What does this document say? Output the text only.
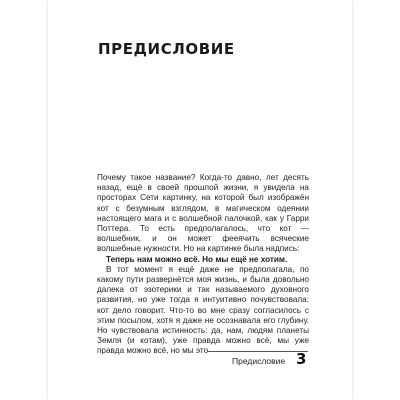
ПРЕДИСЛОВИЕ

Почему такое название? Когда-то давно, лет десять назад, ещё в своей прошлой жизни, я увидела на просторах Сети картинку, на которой был изображён кот с безумным взглядом, в магическом одеянии настоящего мага и с волшебной палочкой, как у Гарри Поттера. То есть предполагалось, что кот — волшебник, и он может фееячить всяческие волшебные нужности. Но на картинке была надпись:

Теперь нам можно всё. Но мы ещё не хотим.

В тот момент я ещё даже не предполагала, по какому пути развернётся моя жизнь, и была довольно далека от эзотерики и так называемого духовного развития, но уже тогда я интуитивно почувствовала: кот дело говорит. Что-то во мне сразу согласилось с этим посылом, хотя я даже не осознавала его глубину. Но чувствовала истинность: да, нам, людям планеты Земля (и котам), уже правда можно всё, мы уже правда можно всё, но мы это

Предисловие 3
